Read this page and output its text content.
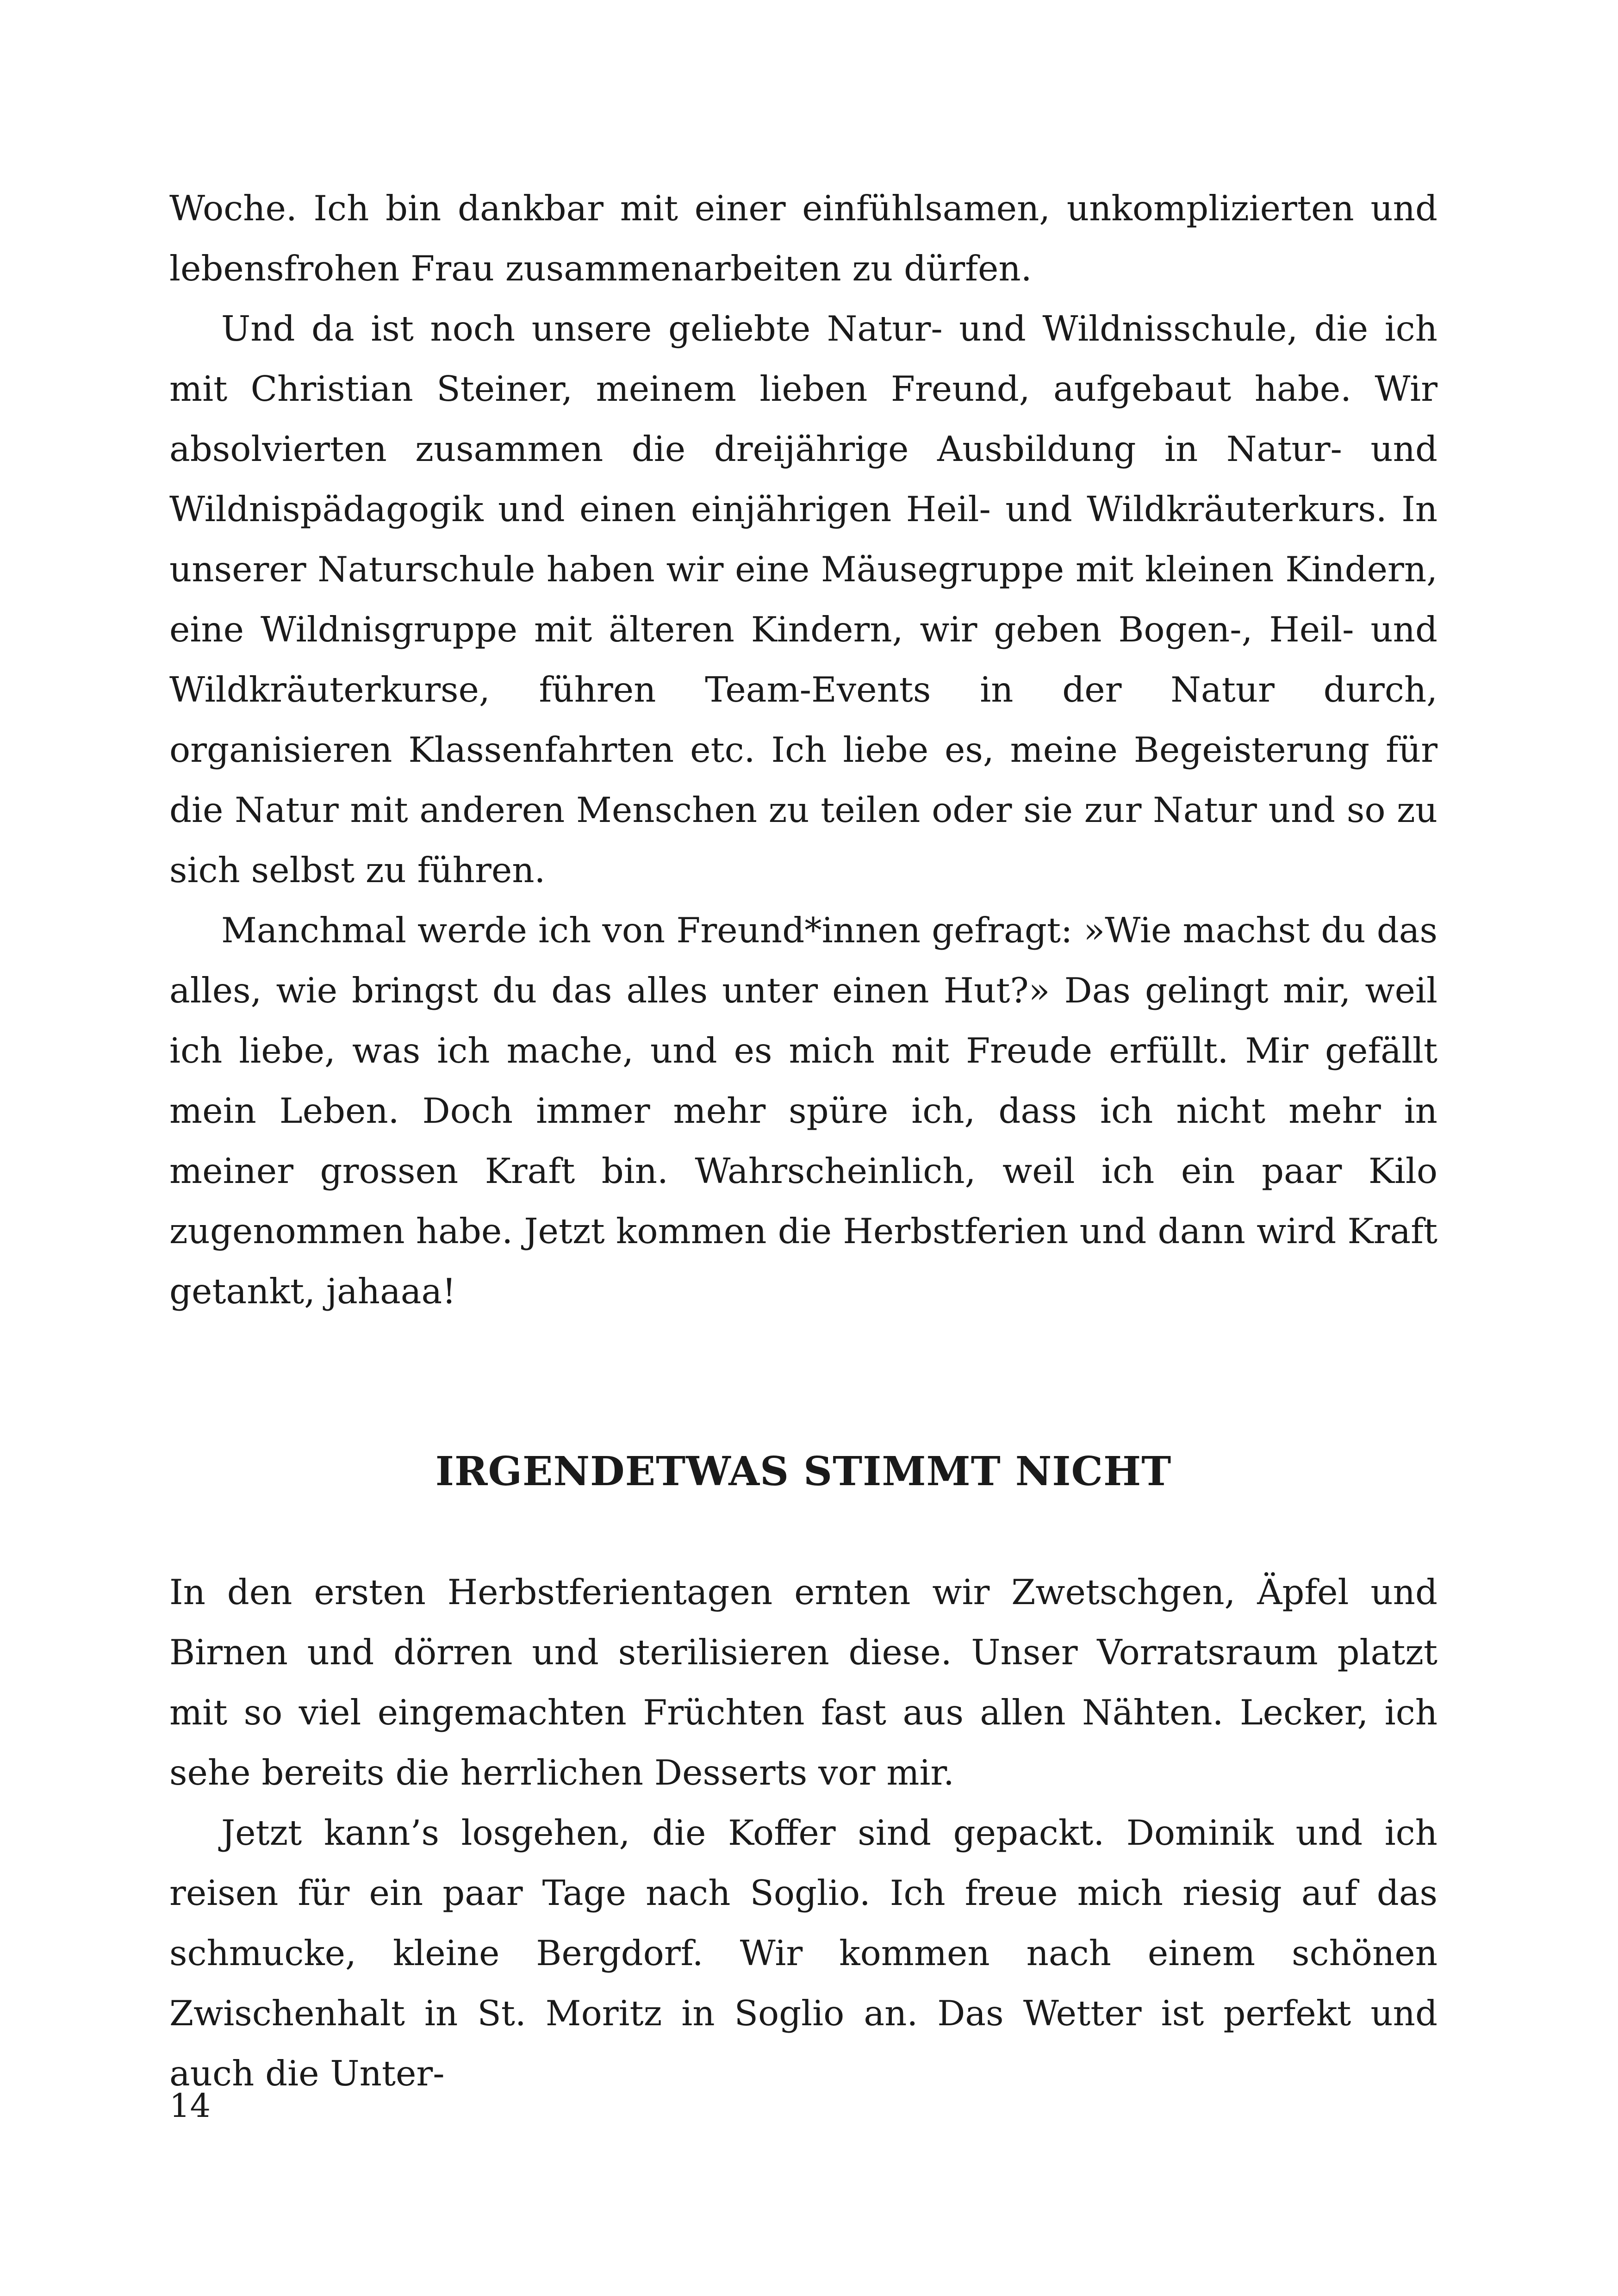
Woche. Ich bin dankbar mit einer einfühlsamen, unkomplizierten und lebensfrohen Frau zusammenarbeiten zu dürfen.

Und da ist noch unsere geliebte Natur- und Wildnisschule, die ich mit Christian Steiner, meinem lieben Freund, aufgebaut habe. Wir absolvierten zusammen die dreijährige Ausbildung in Natur- und Wildnispädagogik und einen einjährigen Heil- und Wildkräuterkurs. In unserer Naturschule haben wir eine Mäusegruppe mit kleinen Kindern, eine Wildnisgruppe mit älteren Kindern, wir geben Bogen-, Heil- und Wildkräuterkurse, führen Team-Events in der Natur durch, organisieren Klassenfahrten etc. Ich liebe es, meine Begeisterung für die Natur mit anderen Menschen zu teilen oder sie zur Natur und so zu sich selbst zu führen.

Manchmal werde ich von Freund*innen gefragt: »Wie machst du das alles, wie bringst du das alles unter einen Hut?» Das gelingt mir, weil ich liebe, was ich mache, und es mich mit Freude erfüllt. Mir gefällt mein Leben. Doch immer mehr spüre ich, dass ich nicht mehr in meiner grossen Kraft bin. Wahrscheinlich, weil ich ein paar Kilo zugenommen habe. Jetzt kommen die Herbstferien und dann wird Kraft getankt, jahaaa!

IRGENDETWAS STIMMT NICHT

In den ersten Herbstferientagen ernten wir Zwetschgen, Äpfel und Birnen und dörren und sterilisieren diese. Unser Vorratsraum platzt mit so viel eingemachten Früchten fast aus allen Nähten. Lecker, ich sehe bereits die herrlichen Desserts vor mir.

Jetzt kann’s losgehen, die Koffer sind gepackt. Dominik und ich reisen für ein paar Tage nach Soglio. Ich freue mich riesig auf das schmucke, kleine Bergdorf. Wir kommen nach einem schönen Zwischenhalt in St. Moritz in Soglio an. Das Wetter ist perfekt und auch die Unter-

14
